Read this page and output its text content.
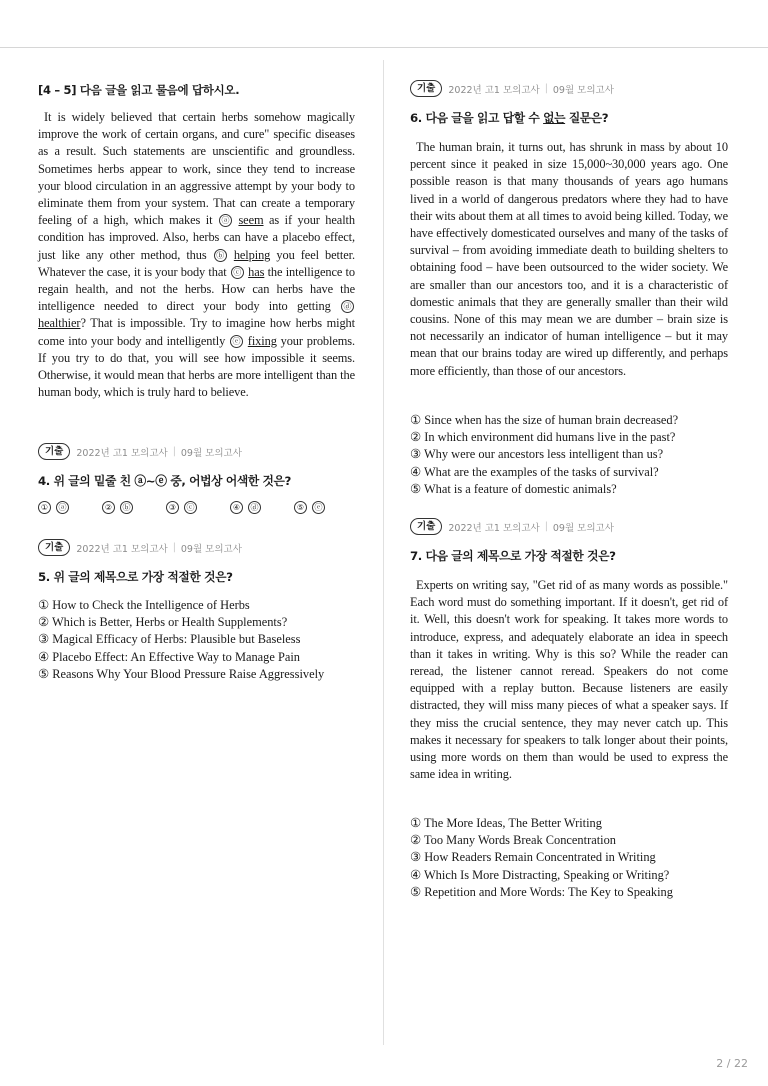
[4 – 5] 다음 글을 읽고 물음에 답하시오.

It is widely believed that certain herbs somehow magically improve the work of certain organs, and cure" specific diseases as a result. Such statements are unscientific and groundless. Sometimes herbs appear to work, since they tend to increase your blood circulation in an aggressive attempt by your body to eliminate them from your system. That can create a temporary feeling of a high, which makes it ⓐ seem as if your health condition has improved. Also, herbs can have a placebo effect, just like any other method, thus ⓑ helping you feel better. Whatever the case, it is your body that ⓒ has the intelligence to regain health, and not the herbs. How can herbs have the intelligence needed to direct your body into getting ⓓ healthier? That is impossible. Try to imagine how herbs might come into your body and intelligently ⓔ fixing your problems. If you try to do that, you will see how impossible it seems. Otherwise, it would mean that herbs are more intelligent than the human body, which is truly hard to believe.

기출	2022년 고1 모의고사 | 09월 모의고사
4. 위 글의 밑줄 친 ⓐ~ⓔ 중, 어법상 어색한 것은?
①	ⓐ	②	ⓑ	③	ⓒ	④	ⓓ	⑤	ⓔ
기출	2022년 고1 모의고사 | 09월 모의고사
5. 위 글의 제목으로 가장 적절한 것은?
① How to Check the Intelligence of Herbs
② Which is Better, Herbs or Health Supplements?
③ Magical Efficacy of Herbs: Plausible but Baseless
④ Placebo Effect: An Effective Way to Manage Pain
⑤ Reasons Why Your Blood Pressure Raise Aggressively
기출	2022년 고1 모의고사 | 09월 모의고사
6. 다음 글을 읽고 답할 수 없는 질문은?

The human brain, it turns out, has shrunk in mass by about 10 percent since it peaked in size 15,000~30,000 years ago. One possible reason is that many thousands of years ago humans lived in a world of dangerous predators where they had to have their wits about them at all times to avoid being killed. Today, we have effectively domesticated ourselves and many of the tasks of survival – from avoiding immediate death to building shelters to obtaining food – have been outsourced to the wider society. We are smaller than our ancestors too, and it is a characteristic of domestic animals that they are generally smaller than their wild cousins. None of this may mean we are dumber – brain size is not necessarily an indicator of human intelligence – but it may mean that our brains today are wired up differently, and perhaps more efficiently, than those of our ancestors.

① Since when has the size of human brain decreased?
② In which environment did humans live in the past?
③ Why were our ancestors less intelligent than us?
④ What are the examples of the tasks of survival?
⑤ What is a feature of domestic animals?
기출	2022년 고1 모의고사 | 09월 모의고사
7. 다음 글의 제목으로 가장 적절한 것은?

Experts on writing say, "Get rid of as many words as possible." Each word must do something important. If it doesn't, get rid of it. Well, this doesn't work for speaking. It takes more words to introduce, express, and adequately elaborate an idea in speech than it takes in writing. Why is this so? While the reader can reread, the listener cannot reread. Speakers do not come equipped with a replay button. Because listeners are easily distracted, they will miss many pieces of what a speaker says. If they miss the crucial sentence, they may never catch up. This makes it necessary for speakers to talk longer about their points, using more words on them than would be used to express the same idea in writing.

① The More Ideas, The Better Writing
② Too Many Words Break Concentration
③ How Readers Remain Concentrated in Writing
④ Which Is More Distracting, Speaking or Writing?
⑤ Repetition and More Words: The Key to Speaking
2 / 22
